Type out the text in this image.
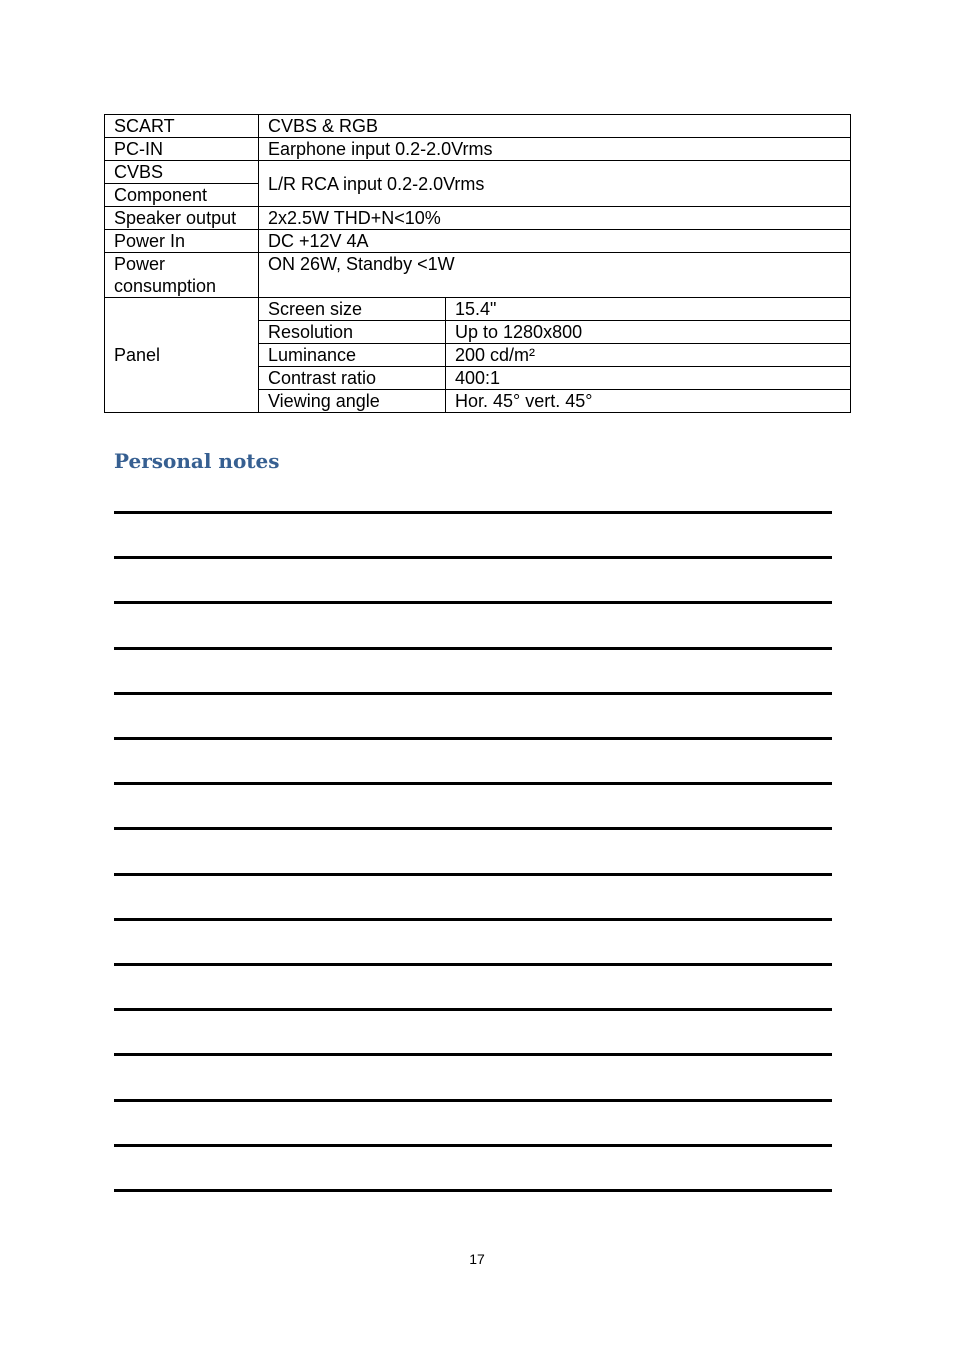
SCART	CVBS & RGB	
PC-IN	Earphone input 0.2-2.0Vrms	
CVBS	L/R RCA input 0.2-2.0Vrms	
Component		
Speaker output	2x2.5W THD+N<10%	
Power In	DC +12V 4A	
Power consumption	ON 26W, Standby <1W	
Panel	Screen size	15.4"
	Resolution	Up to 1280x800
	Luminance	200 cd/m²
	Contrast ratio	400:1
	Viewing angle	Hor. 45° vert. 45°
Personal notes
17
